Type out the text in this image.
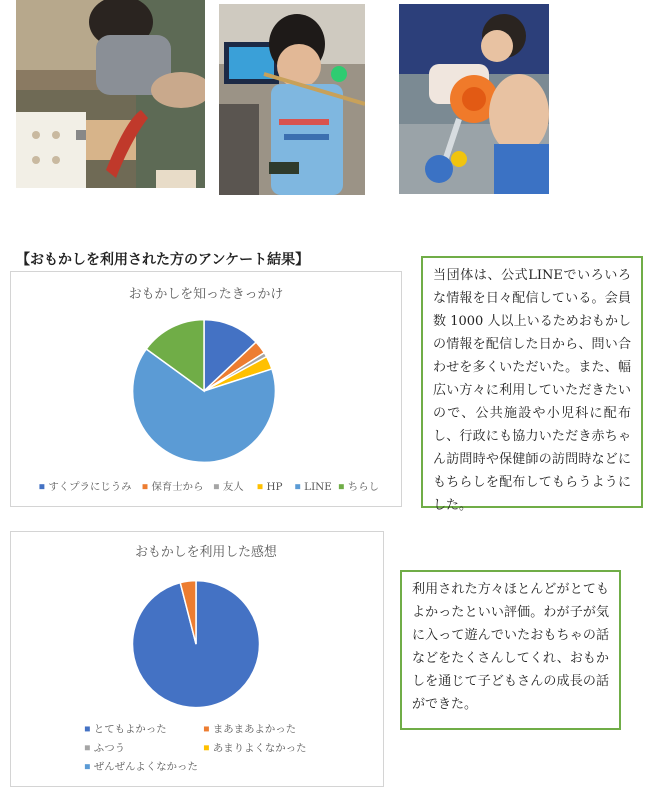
【おもかしを利用された方のアンケート結果】
おもかしを知ったきっかけ
すくプラにじうみ 保育士から 友人 HP LINE ちらし
おもかしを利用した感想
とてもよかった	まあまあよかった
ふつう	あまりよくなかった
ぜんぜんよくなかった
当団体は、公式LINEでいろいろな情報を日々配信している。会員数 1000 人以上いるためおもかしの情報を配信した日から、問い合わせを多くいただいた。また、幅広い方々に利用していただきたいので、公共施設や小児科に配布し、行政にも協力いただき赤ちゃん訪問時や保健師の訪問時などにもちらしを配布してもらうようにした。
利用された方々ほとんどがとてもよかったといい評価。わが子が気に入って遊んでいたおもちゃの話などをたくさんしてくれ、おもかしを通じて子どもさんの成長の話ができた。
